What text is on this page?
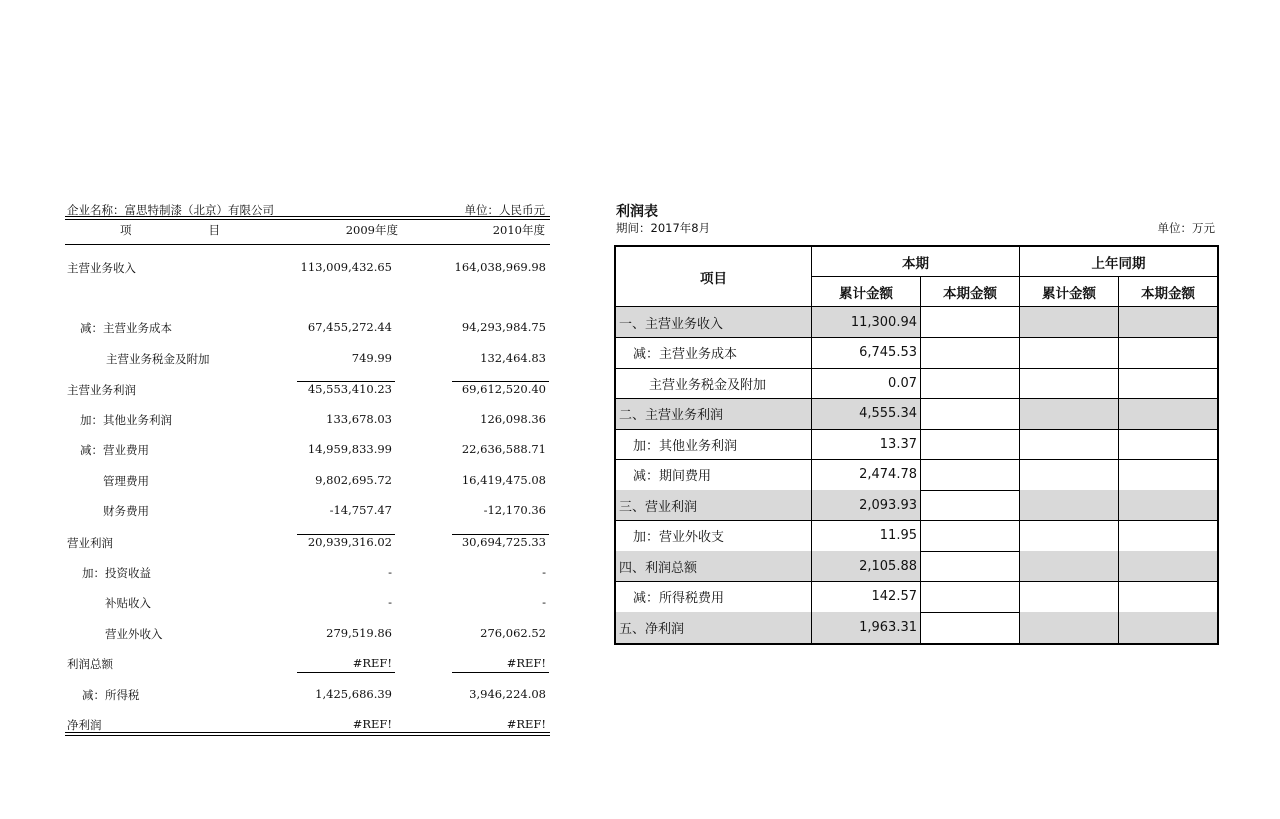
企业名称：富思特制漆（北京）有限公司	单位：人民币元
项　　目	2009年度	2010年度
主营业务收入	113,009,432.65	164,038,969.98
减：主营业务成本	67,455,272.44	94,293,984.75
主营业务税金及附加	749.99	132,464.83
主营业务利润	45,553,410.23	69,612,520.40
加：其他业务利润	133,678.03	126,098.36
减：营业费用	14,959,833.99	22,636,588.71
管理费用	9,802,695.72	16,419,475.08
财务费用	-14,757.47	-12,170.36
营业利润	20,939,316.02	30,694,725.33
加：投资收益	-	-
补贴收入	-	-
营业外收入	279,519.86	276,062.52
利润总额	#REF!	#REF!
减：所得税	1,425,686.39	3,946,224.08
净利润	#REF!	#REF!
利润表
期间：2017年8月	单位：万元
项目
本期	上年同期
累计金额	本期金额	累计金额	本期金额
一、主营业务收入	11,300.94
减：主营业务成本	6,745.53
主营业务税金及附加	0.07
二、主营业务利润	4,555.34
加：其他业务利润	13.37
减：期间费用	2,474.78
三、营业利润	2,093.93
加：营业外收支	11.95
四、利润总额	2,105.88
减：所得税费用	142.57
五、净利润	1,963.31
